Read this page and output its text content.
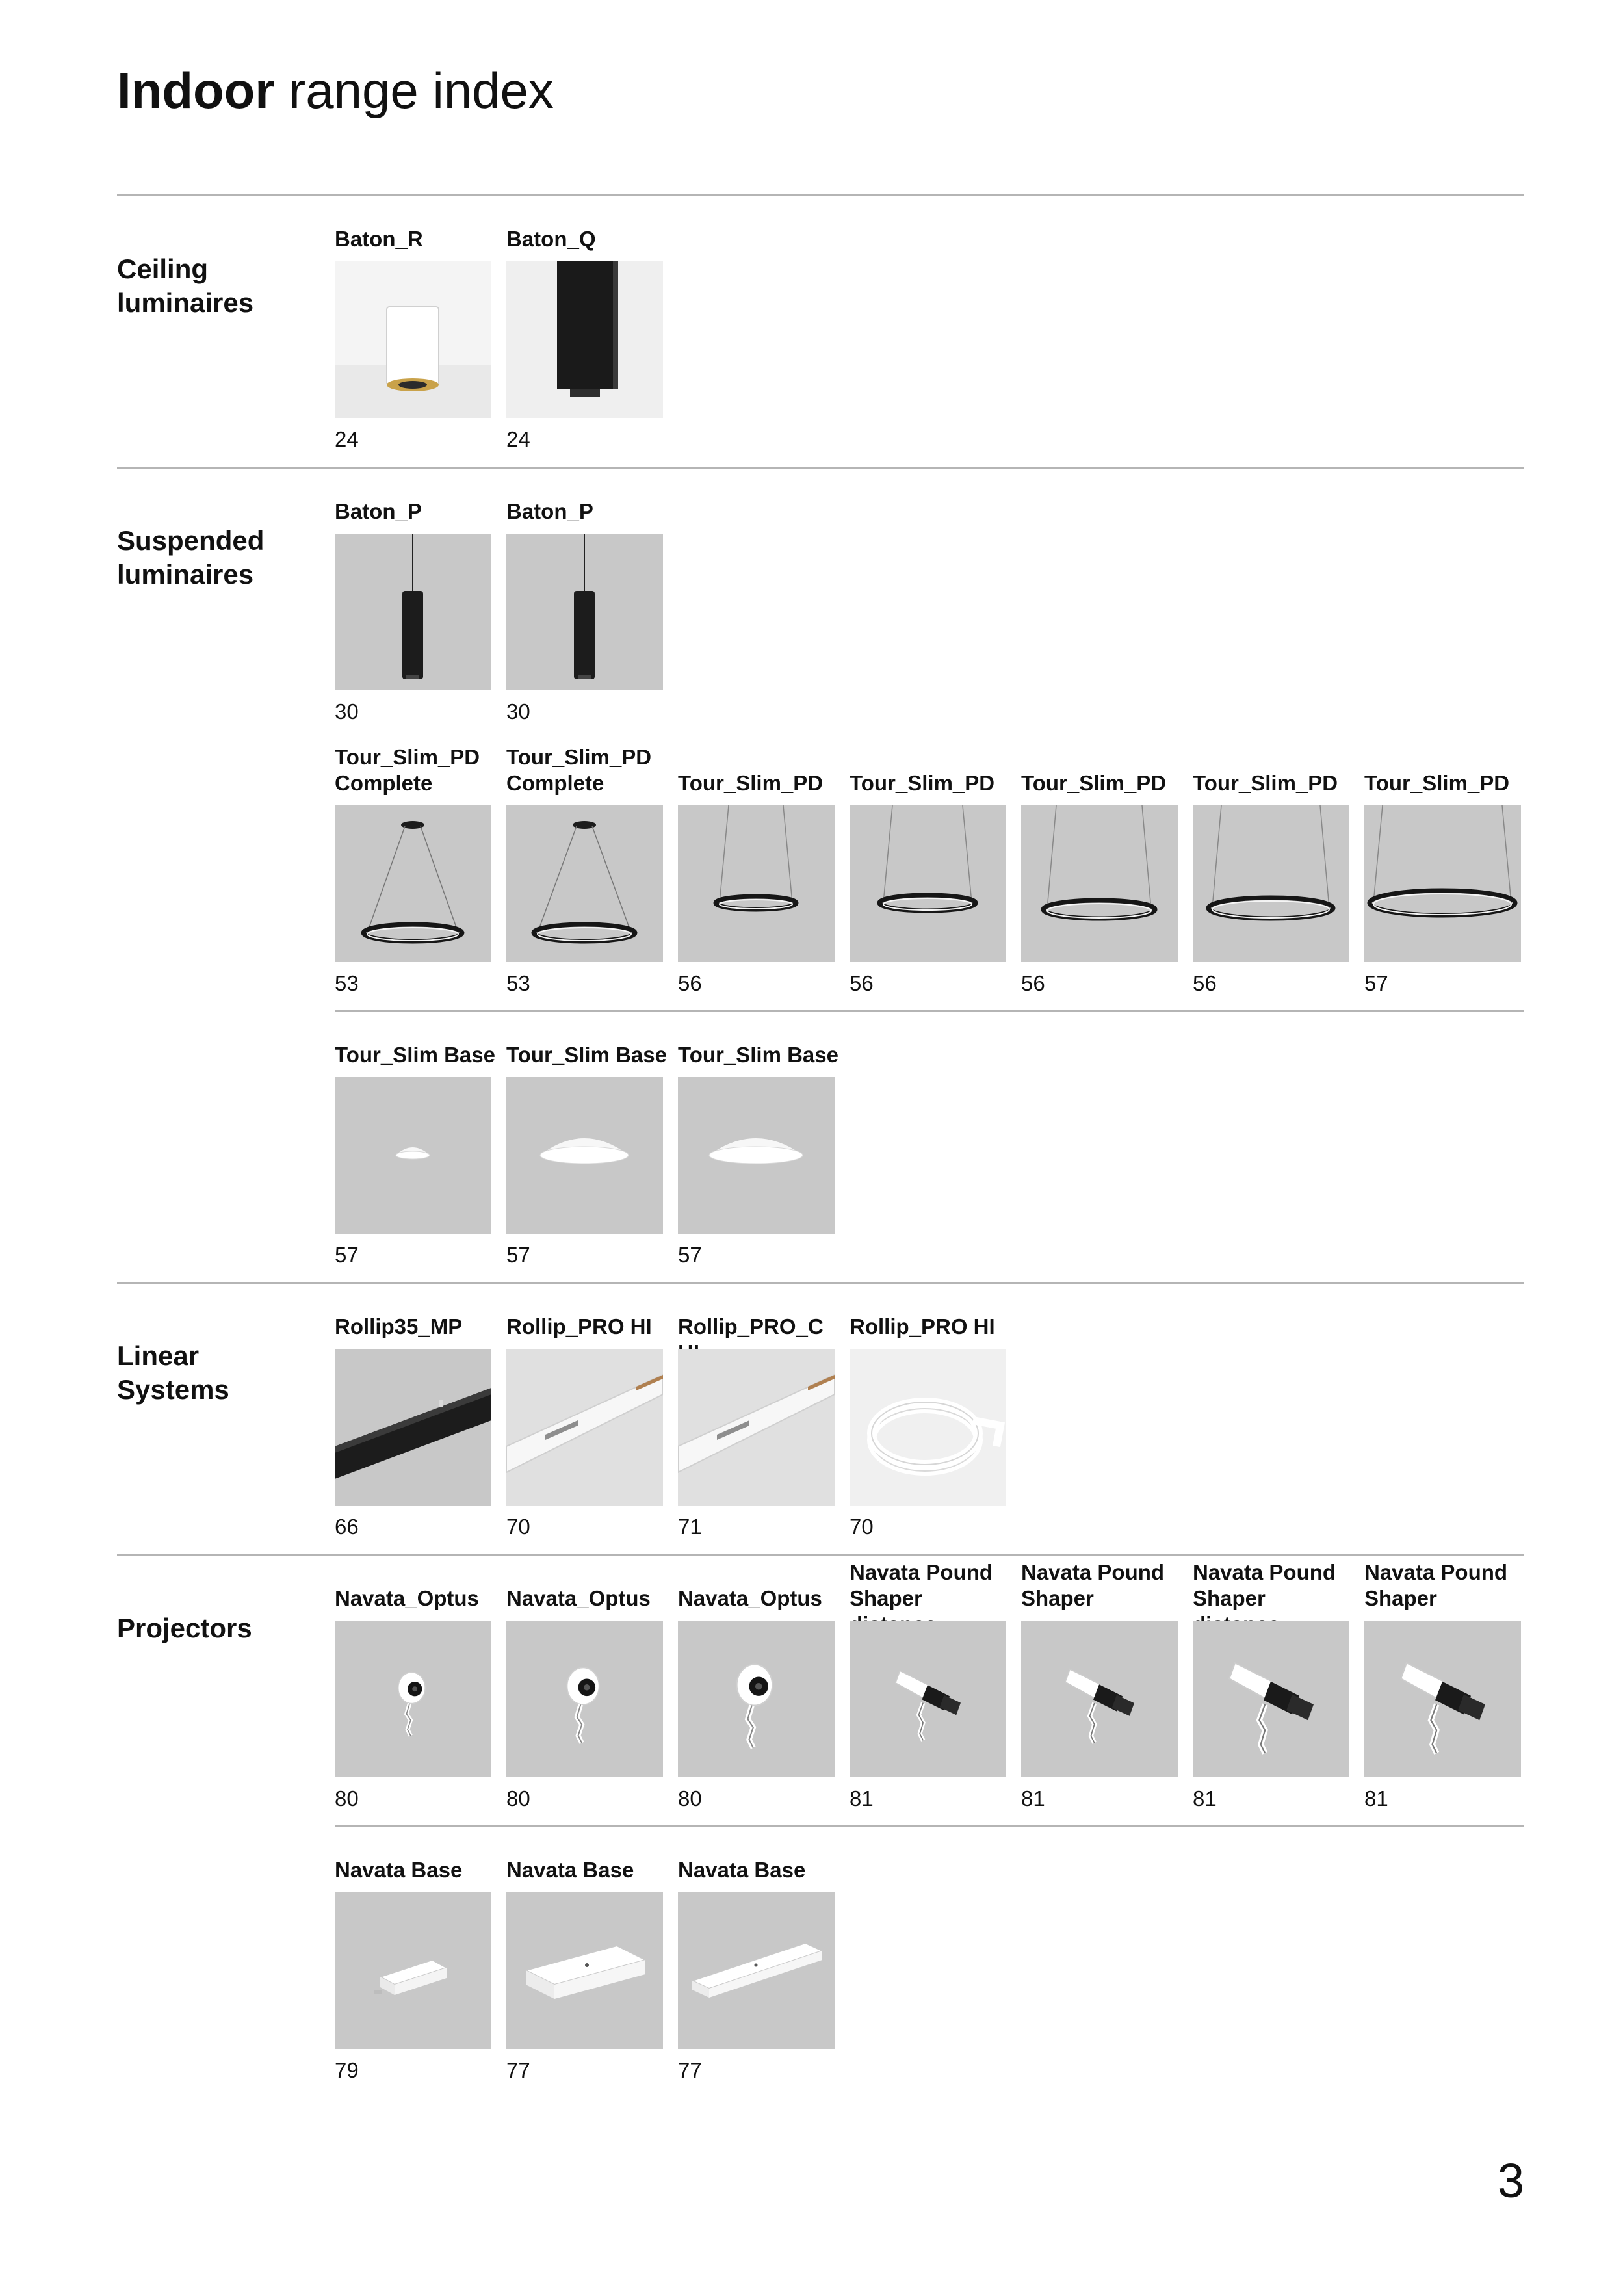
Indoor range index
Ceiling luminaires
Suspended luminaires
Linear Systems
Projectors
Baton_R
24
Baton_Q
24
Baton_P
30
Baton_P
30
Tour_Slim_PD Complete
53
Tour_Slim_PD Complete
53
Tour_Slim_PD
56
Tour_Slim_PD
56
Tour_Slim_PD
56
Tour_Slim_PD
56
Tour_Slim_PD
57
Tour_Slim Base
57
Tour_Slim Base
57
Tour_Slim Base
57
Rollip35_MP
66
Rollip_PRO HI
70
Rollip_PRO_C
71
Rollip_PRO HI
70
Navata_Optus
80
Navata_Optus
80
Navata_Optus
80
Navata Pound Shaper
81
Navata Pound Shaper
81
Navata Pound Shaper
81
Navata Pound Shaper
81
Navata Base
79
Navata Base
77
Navata Base
77
3
